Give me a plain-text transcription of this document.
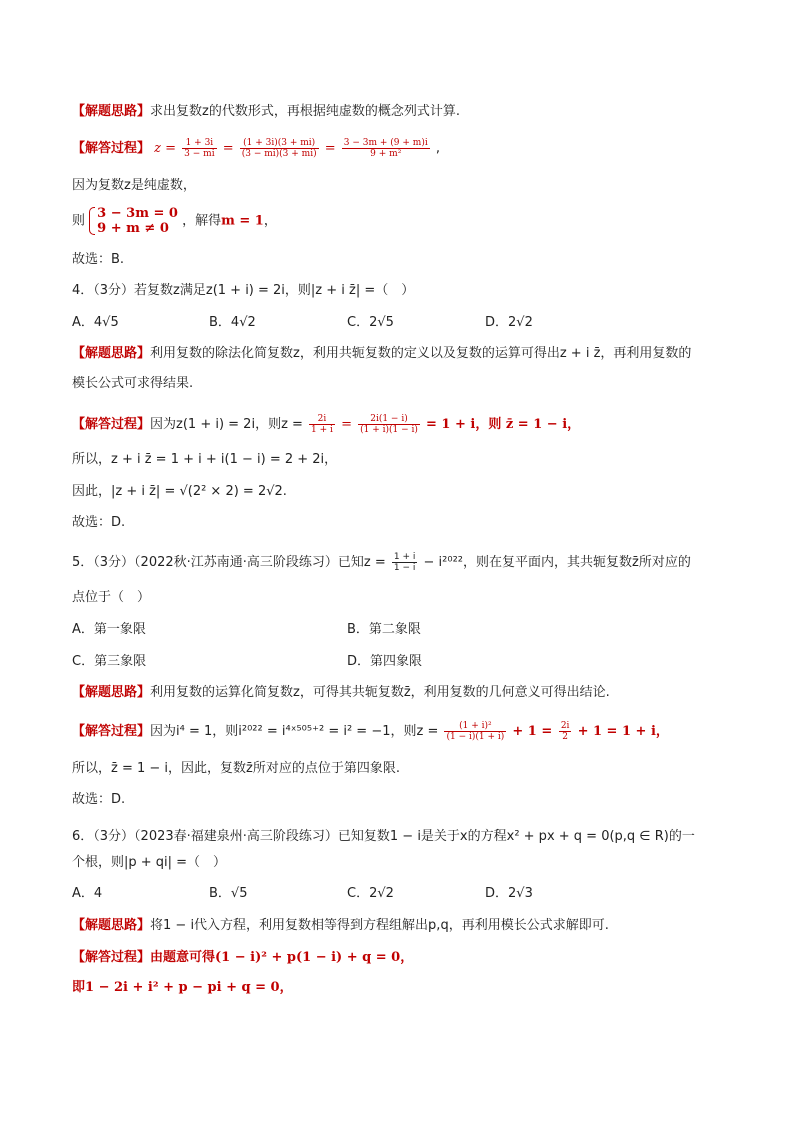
【解题思路】求出复数z的代数形式，再根据纯虚数的概念列式计算.
【解答过程】 $z = \frac{1 + 3i}{3 - mi} = \frac{(1 + 3i)(3 + mi)}{(3 - mi)(3 + mi)} = \frac{3 - 3m + (9 + m)i}{\text{9 + m²}}$ ,
因为复数z是纯虚数，
则 3 − 3m = 0
9 + m ≠ 0	，解得m = 1，
故选：B.
4．（3分）若复数z满足z(1 + i) = 2i，则|z + i z̄| =（　）
A．4√5	B．4√2	C．2√5	D．2√2
【解题思路】利用复数的除法化简复数z，利用共轭复数的定义以及复数的运算可得出z + i z̄，再利用复数的
模长公式可求得结果.
【解答过程】因为z(1 + i) = 2i，则$z = \frac{2i}{1 + i} = \frac{2i(1 - i)}{(1 + i)(1 - i)} = 1 + i$，则 z̄ = 1 − i，
所以，z + i z̄ = 1 + i + i(1 − i) = 2 + 2i，
因此，|z + i z̄| = √(2² × 2) = 2√2.
故选：D.
5．（3分）（2022秋·江苏南通·高三阶段练习）已知$z = \frac{1 + i}{1 - i} - i^{2022}$，则在复平面内，其共轭复数z̄所对应的
点位于（　）
A．第一象限	B．第二象限
C．第三象限	D．第四象限
【解题思路】利用复数的运算化简复数z，可得其共轭复数z̄，利用复数的几何意义可得出结论.
【解答过程】因为i⁴ = 1，则i²⁰²² = i⁴ˣ⁵⁰⁵⁺² = i² = −1，则$z = \frac{\text{(1 + i)²}}{(1 - i)(1 + i)} + 1 = \frac{2i}{2} + 1 = 1 + i$，
所以，z̄ = 1 − i，因此，复数z̄所对应的点位于第四象限.
故选：D.
6．（3分）（2023春·福建泉州·高三阶段练习）已知复数1 − i是关于x的方程x² + px + q = 0(p,q ∈ R)的一
个根，则|p + qi| =（　）
A．4	B．√5	C．2√2	D．2√3
【解题思路】将1 − i代入方程，利用复数相等得到方程组解出p,q，再利用模长公式求解即可.
【解答过程】由题意可得(1 − i)² + p(1 − i) + q = 0，
即1 − 2i + i² + p − pi + q = 0，
